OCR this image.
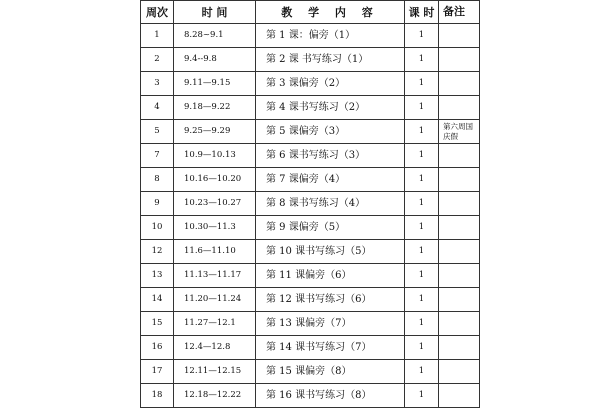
周次	时 间	教 学 内 容	课 时	备注
1	8.28~9.1	第 1 课：偏旁（1）	1	
2	9.4--9.8	第 2 课 书写练习（1）	1	
3	9.11—9.15	第 3 课偏旁（2）	1	
4	9.18—9.22	第 4 课书写练习（2）	1	
5	9.25—9.29	第 5 课偏旁（3）	1	第六周国庆假
7	10.9—10.13	第 6 课书写练习（3）	1	
8	10.16—10.20	第 7 课偏旁（4）	1	
9	10.23—10.27	第 8 课书写练习（4）	1	
10	10.30—11.3	第 9 课偏旁（5）	1	
12	11.6—11.10	第 10 课书写练习（5）	1	
13	11.13—11.17	第 11 课偏旁（6）	1	
14	11.20—11.24	第 12 课书写练习（6）	1	
15	11.27—12.1	第 13 课偏旁（7）	1	
16	12.4—12.8	第 14 课书写练习（7）	1	
17	12.11—12.15	第 15 课偏旁（8）	1	
18	12.18—12.22	第 16 课书写练习（8）	1	
